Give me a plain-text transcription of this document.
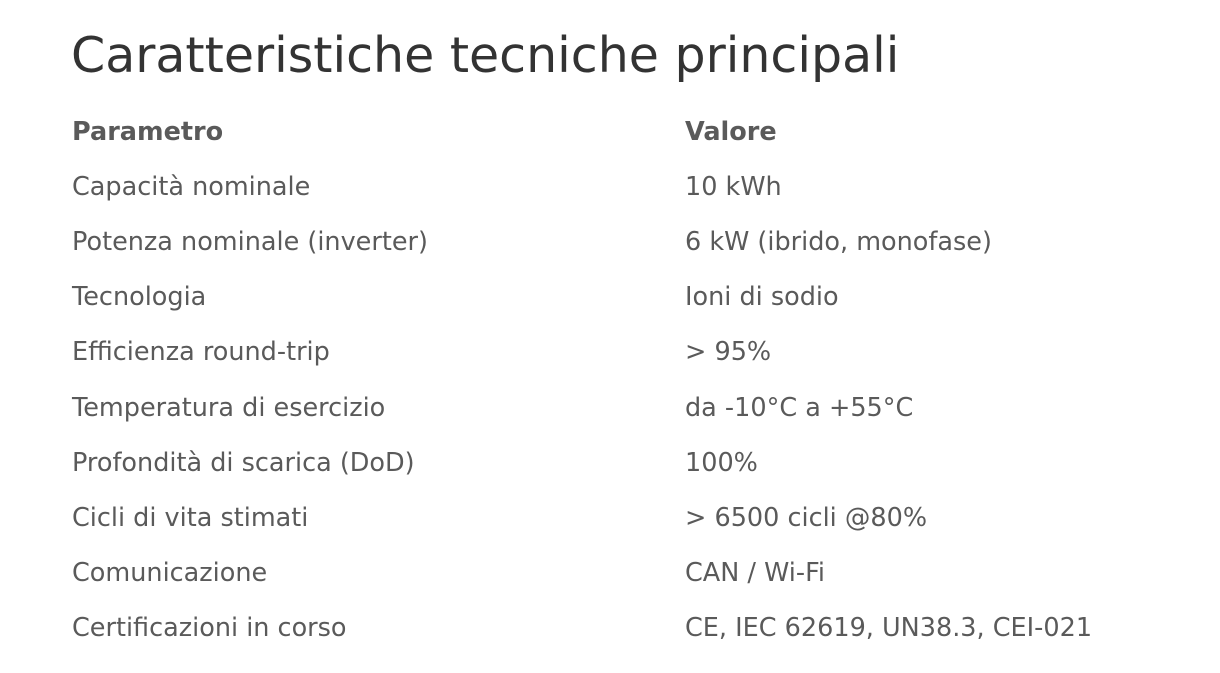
Caratteristiche tecniche principali
Parametro	Valore
Capacità nominale	10 kWh
Potenza nominale (inverter)	6 kW (ibrido, monofase)
Tecnologia	Ioni di sodio
Efficienza round-trip	> 95%
Temperatura di esercizio	da -10°C a +55°C
Profondità di scarica (DoD)	100%
Cicli di vita stimati	> 6500 cicli @80%
Comunicazione	CAN / Wi-Fi
Certificazioni in corso	CE, IEC 62619, UN38.3, CEI-021
